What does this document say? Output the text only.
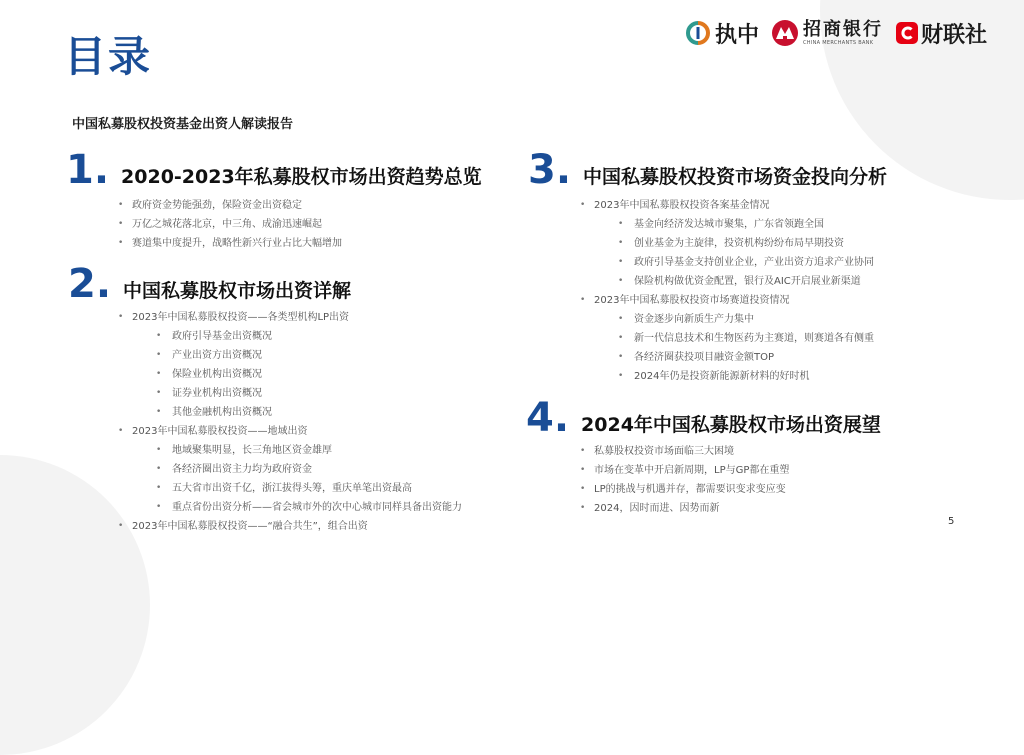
目录	执中 招商银行
CHINA MERCHANTS BANK	财联社
中国私募股权投资基金出资人解读报告
1. 2020-2023年私募股权市场出资趋势总览
• 政府资金势能强劲，保险资金出资稳定
• 万亿之城花落北京，中三角、成渝迅速崛起
• 赛道集中度提升，战略性新兴行业占比大幅增加
2. 中国私募股权市场出资详解
• 2023年中国私募股权投资——各类型机构LP出资
• 政府引导基金出资概况
• 产业出资方出资概况
• 保险业机构出资概况
• 证券业机构出资概况
• 其他金融机构出资概况
• 2023年中国私募股权投资——地域出资
• 地域聚集明显，长三角地区资金雄厚
• 各经济圈出资主力均为政府资金
• 五大省市出资千亿，浙江拔得头筹，重庆单笔出资最高
• 重点省份出资分析——省会城市外的次中心城市同样具备出资能力
• 2023年中国私募股权投资——“融合共生”，组合出资
3. 中国私募股权投资市场资金投向分析
• 2023年中国私募股权投资各案基金情况
• 基金向经济发达城市聚集，广东省领跑全国
• 创业基金为主旋律，投资机构纷纷布局早期投资
• 政府引导基金支持创业企业，产业出资方追求产业协同
• 保险机构做优资金配置，银行及AIC开启展业新渠道
• 2023年中国私募股权投资市场赛道投资情况
• 资金逐步向新质生产力集中
• 新一代信息技术和生物医药为主赛道，则赛道各有侧重
• 各经济圈获投项目融资金额TOP
• 2024年仍是投资新能源新材料的好时机
4. 2024年中国私募股权市场出资展望
• 私募股权投资市场面临三大困境
• 市场在变革中开启新周期，LP与GP都在重塑
• LP的挑战与机遇并存，都需要识变求变应变
• 2024，因时而进、因势而新
5
